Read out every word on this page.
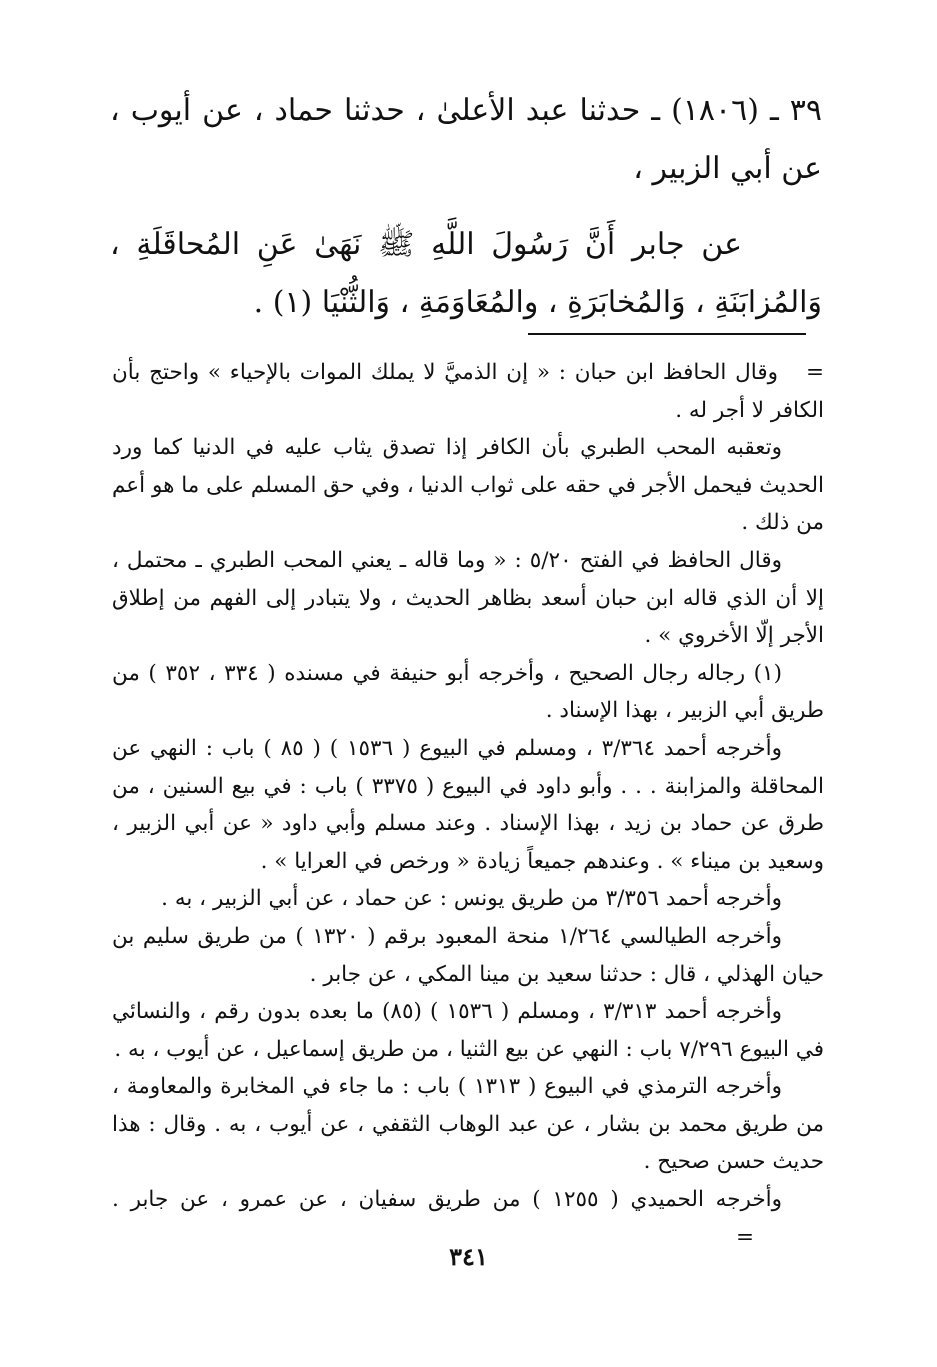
٣٩ ـ (١٨٠٦) ـ حدثنا عبد الأعلىٰ ، حدثنا حماد ، عن أيوب ، عن أبي الزبير ،

عن جابر أَنَّ رَسُولَ اللَّهِ ﷺ نَهَىٰ عَنِ المُحاقَلَةِ ، وَالمُزابَنَةِ ، وَالمُخابَرَةِ ، والمُعَاوَمَةِ ، وَالثُّنْيَا (١) .

=وقال الحافظ ابن حبان : « إن الذميَّ لا يملك الموات بالإحياء » واحتج بأن الكافر لا أجر له .

وتعقبه المحب الطبري بأن الكافر إذا تصدق يثاب عليه في الدنيا كما ورد الحديث فيحمل الأجر في حقه على ثواب الدنيا ، وفي حق المسلم على ما هو أعم من ذلك .

وقال الحافظ في الفتح ٥/٢٠ : « وما قاله ـ يعني المحب الطبري ـ محتمل ، إلا أن الذي قاله ابن حبان أسعد بظاهر الحديث ، ولا يتبادر إلى الفهم من إطلاق الأجر إلّا الأخروي » .

(١) رجاله رجال الصحيح ، وأخرجه أبو حنيفة في مسنده ( ٣٣٤ ، ٣٥٢ ) من طريق أبي الزبير ، بهذا الإسناد .

وأخرجه أحمد ٣/٣٦٤ ، ومسلم في البيوع ( ١٥٣٦ ) ( ٨٥ ) باب : النهي عن المحاقلة والمزابنة . . . وأبو داود في البيوع ( ٣٣٧٥ ) باب : في بيع السنين ، من طرق عن حماد بن زيد ، بهذا الإسناد . وعند مسلم وأبي داود « عن أبي الزبير ، وسعيد بن ميناء » . وعندهم جميعاً زيادة « ورخص في العرايا » .

وأخرجه أحمد ٣/٣٥٦ من طريق يونس : عن حماد ، عن أبي الزبير ، به .

وأخرجه الطيالسي ١/٢٦٤ منحة المعبود برقم ( ١٣٢٠ ) من طريق سليم بن حيان الهذلي ، قال : حدثنا سعيد بن مينا المكي ، عن جابر .

وأخرجه أحمد ٣/٣١٣ ، ومسلم ( ١٥٣٦ ) (٨٥) ما بعده بدون رقم ، والنسائي في البيوع ٧/٢٩٦ باب : النهي عن بيع الثنيا ، من طريق إسماعيل ، عن أيوب ، به .

وأخرجه الترمذي في البيوع ( ١٣١٣ ) باب : ما جاء في المخابرة والمعاومة ، من طريق محمد بن بشار ، عن عبد الوهاب الثقفي ، عن أيوب ، به . وقال : هذا حديث حسن صحيح .

وأخرجه الحميدي ( ١٢٥٥ ) من طريق سفيان ، عن عمرو ، عن جابر .=

٣٤١
